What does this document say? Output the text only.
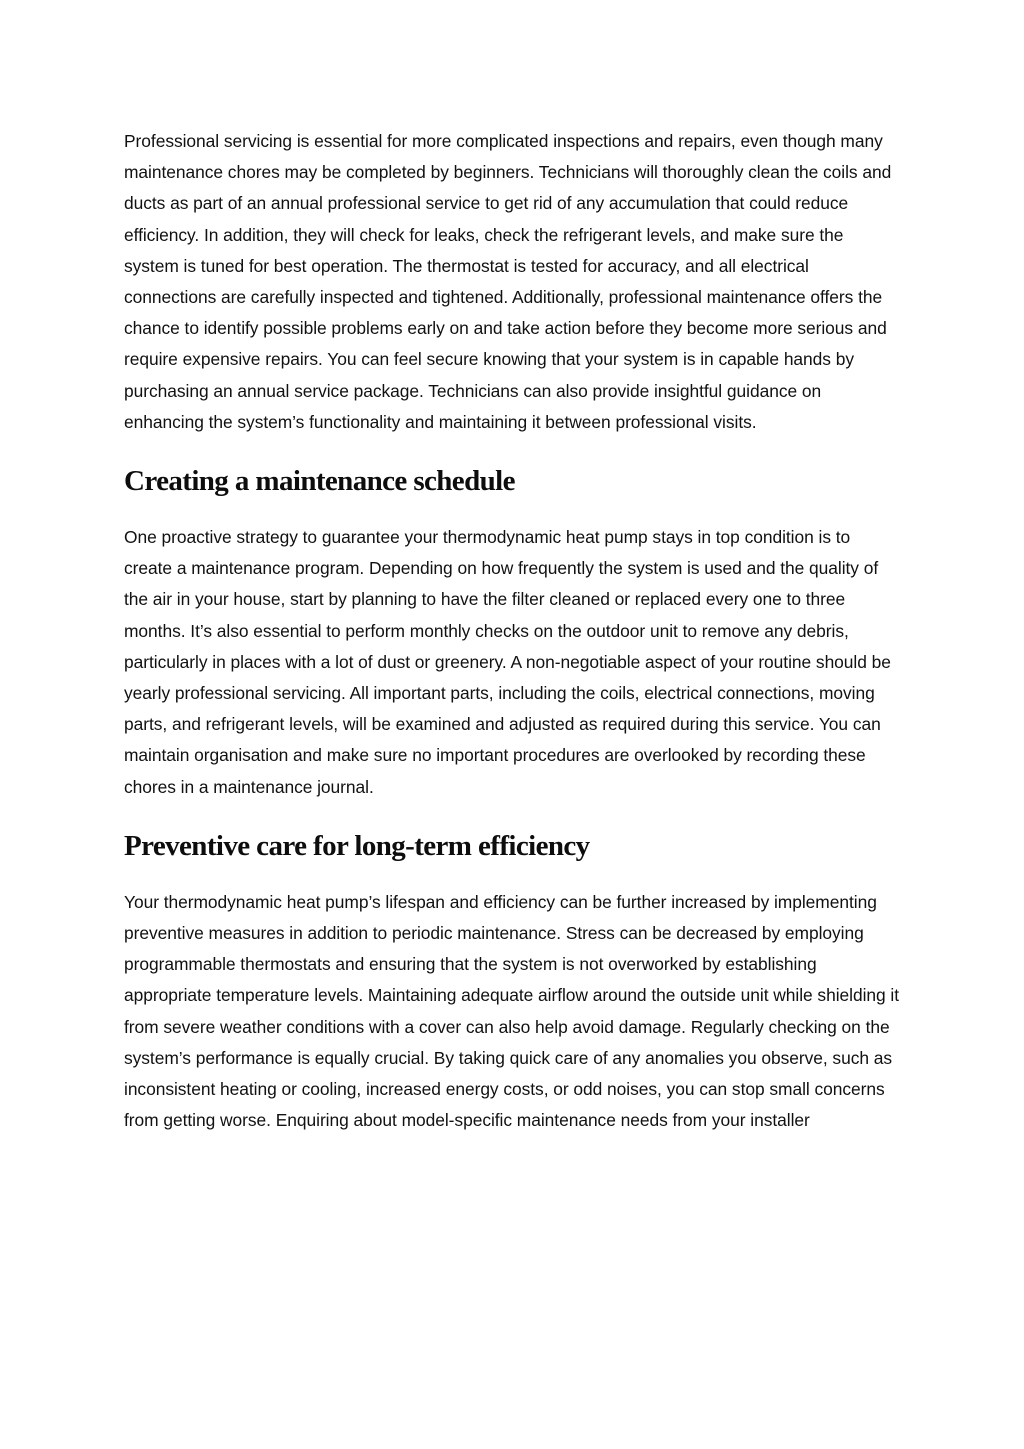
Professional servicing is essential for more complicated inspections and repairs, even though many maintenance chores may be completed by beginners. Technicians will thoroughly clean the coils and ducts as part of an annual professional service to get rid of any accumulation that could reduce efficiency. In addition, they will check for leaks, check the refrigerant levels, and make sure the system is tuned for best operation. The thermostat is tested for accuracy, and all electrical connections are carefully inspected and tightened. Additionally, professional maintenance offers the chance to identify possible problems early on and take action before they become more serious and require expensive repairs. You can feel secure knowing that your system is in capable hands by purchasing an annual service package. Technicians can also provide insightful guidance on enhancing the system’s functionality and maintaining it between professional visits.

Creating a maintenance schedule

One proactive strategy to guarantee your thermodynamic heat pump stays in top condition is to create a maintenance program. Depending on how frequently the system is used and the quality of the air in your house, start by planning to have the filter cleaned or replaced every one to three months. It’s also essential to perform monthly checks on the outdoor unit to remove any debris, particularly in places with a lot of dust or greenery. A non-negotiable aspect of your routine should be yearly professional servicing. All important parts, including the coils, electrical connections, moving parts, and refrigerant levels, will be examined and adjusted as required during this service. You can maintain organisation and make sure no important procedures are overlooked by recording these chores in a maintenance journal.

Preventive care for long-term efficiency

Your thermodynamic heat pump’s lifespan and efficiency can be further increased by implementing preventive measures in addition to periodic maintenance. Stress can be decreased by employing programmable thermostats and ensuring that the system is not overworked by establishing appropriate temperature levels. Maintaining adequate airflow around the outside unit while shielding it from severe weather conditions with a cover can also help avoid damage. Regularly checking on the system’s performance is equally crucial. By taking quick care of any anomalies you observe, such as inconsistent heating or cooling, increased energy costs, or odd noises, you can stop small concerns from getting worse. Enquiring about model-specific maintenance needs from your installer
